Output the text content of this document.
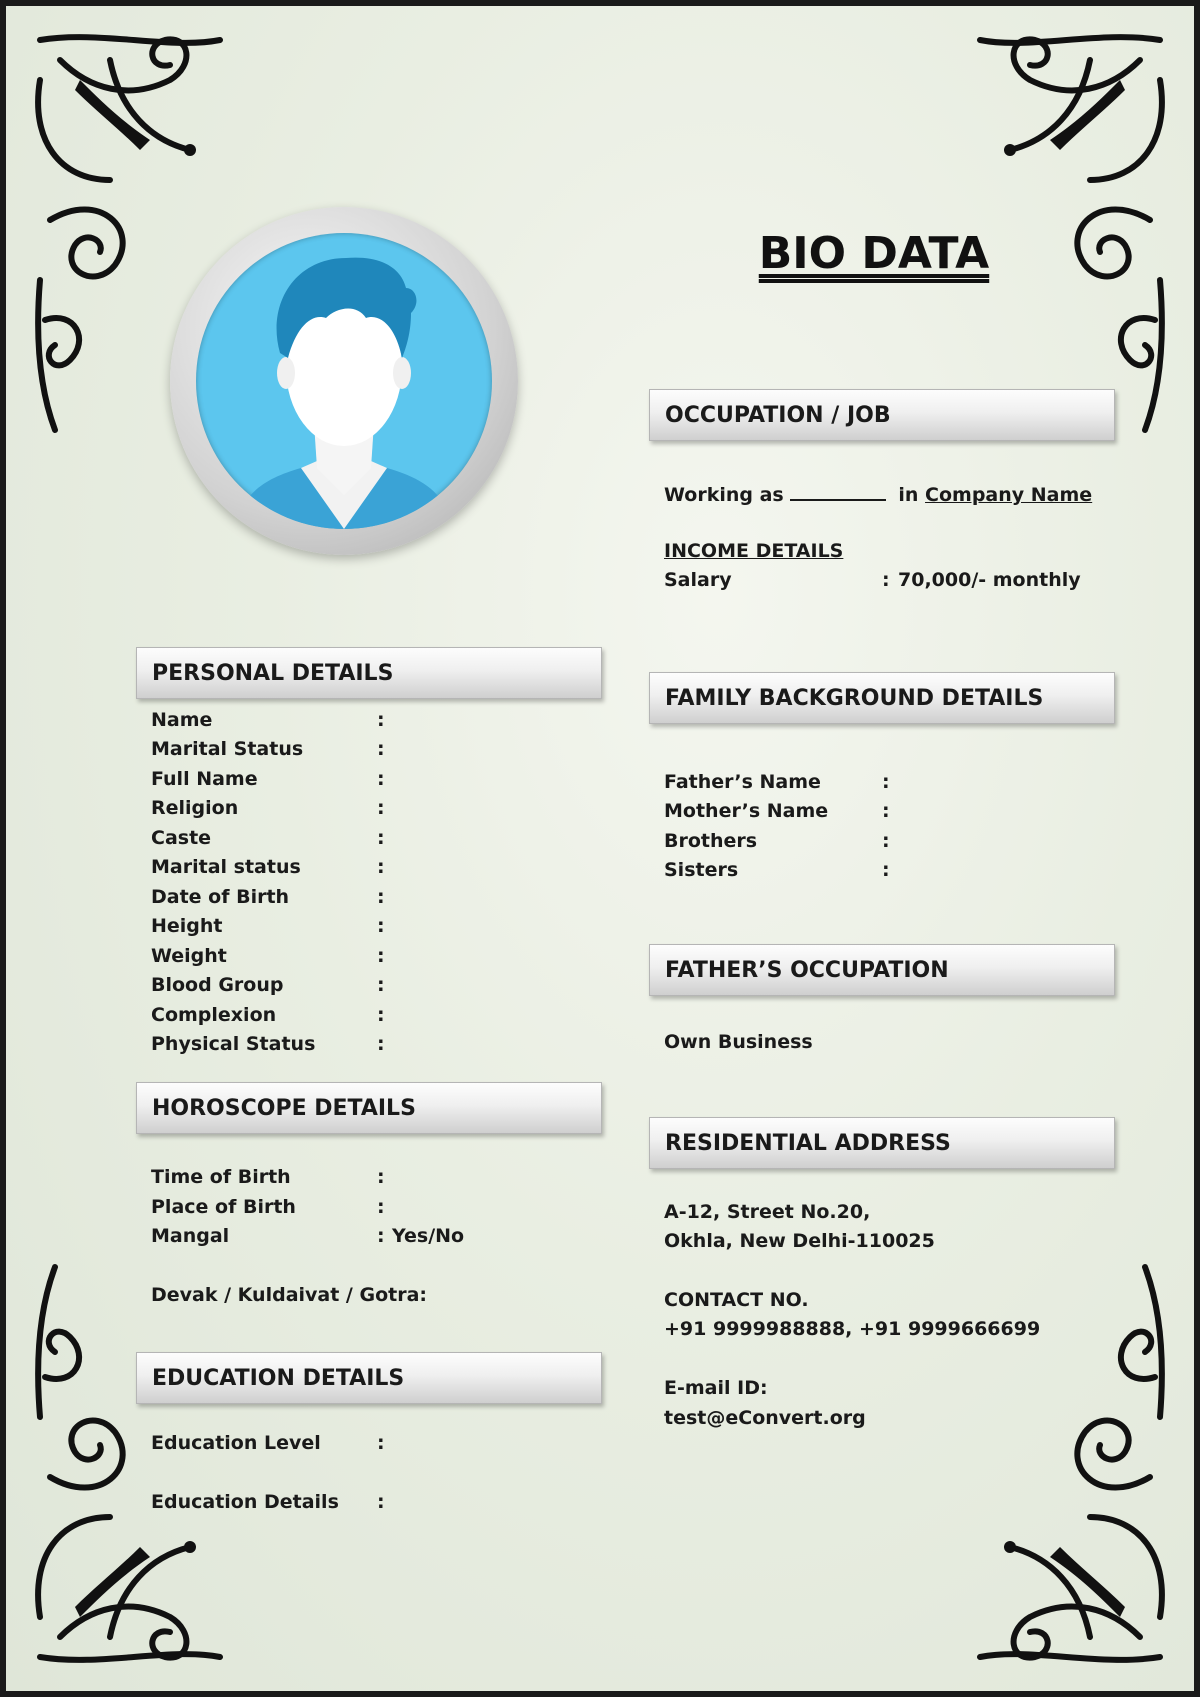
BIO DATA
PERSONAL DETAILS
Name	:
Marital Status	:
Full Name	:
Religion	:
Caste	:
Marital status	:
Date of Birth	:
Height	:
Weight	:
Blood Group	:
Complexion	:
Physical Status	:
HOROSCOPE DETAILS
Time of Birth	:
Place of Birth	:
Mangal	: Yes/No
Devak / Kuldaivat / Gotra:
EDUCATION DETAILS
Education Level	:
Education Details :
OCCUPATION / JOB
Working as	in Company Name
INCOME DETAILS
Salary	: 70,000/- monthly
FAMILY BACKGROUND DETAILS
Father’s Name	:
Mother’s Name	:
Brothers	:
Sisters	:
FATHER’S OCCUPATION
Own Business
RESIDENTIAL ADDRESS
A-12, Street No.20,
Okhla, New Delhi-110025
CONTACT NO.
+91 9999988888, +91 9999666699
E-mail ID:
test@eConvert.org
